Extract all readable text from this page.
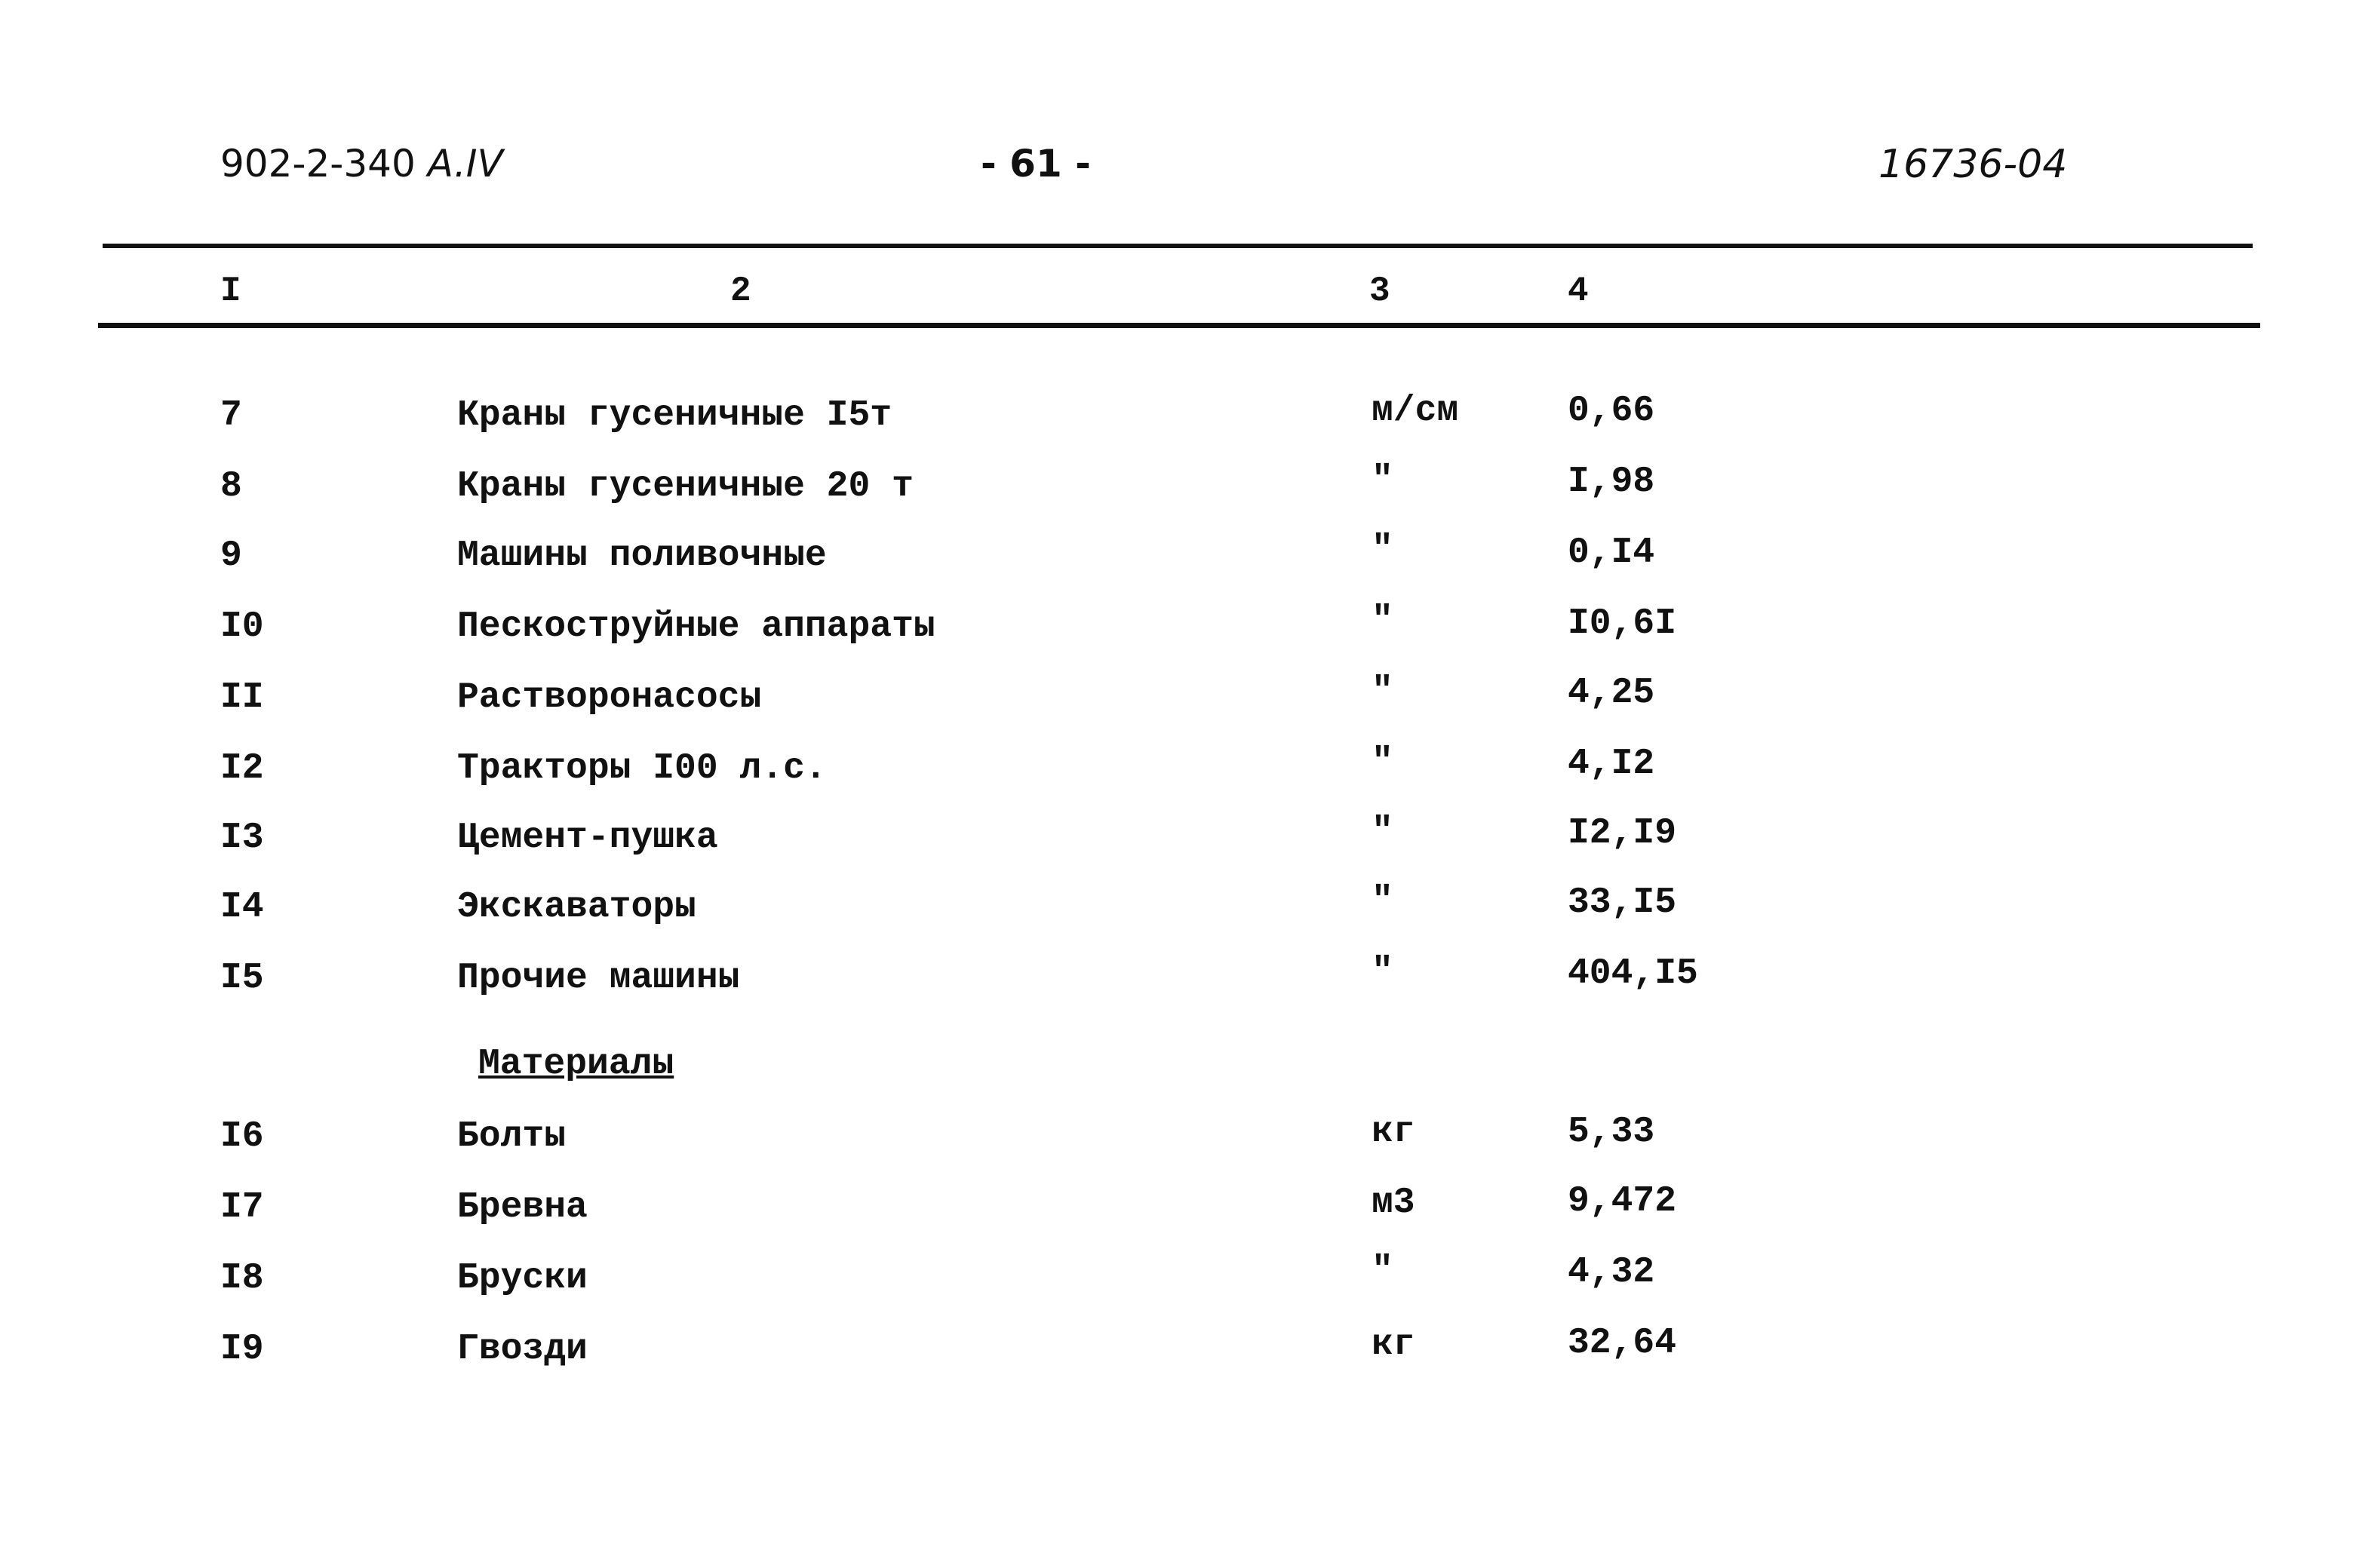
902-2-340 A.IV	- 61 -	16736-04
I	2	3	4
7	Краны гусеничные I5т	м/см	0,66
8	Краны гусеничные 20 т	"	I,98
9	Машины поливочные	"	0,I4
I0	Пескоструйные аппараты	"	I0,6I
II	Растворонасосы	"	4,25
I2	Тракторы I00 л.с.	"	4,I2
I3	Цемент-пушка	"	I2,I9
I4	Экскаваторы	"	33,I5
I5	Прочие машины	"	404,I5
Материалы
I6	Болты	кг	5,33
I7	Бревна	м3	9,472
I8	Бруски	"	4,32
I9	Гвозди	кг	32,64
